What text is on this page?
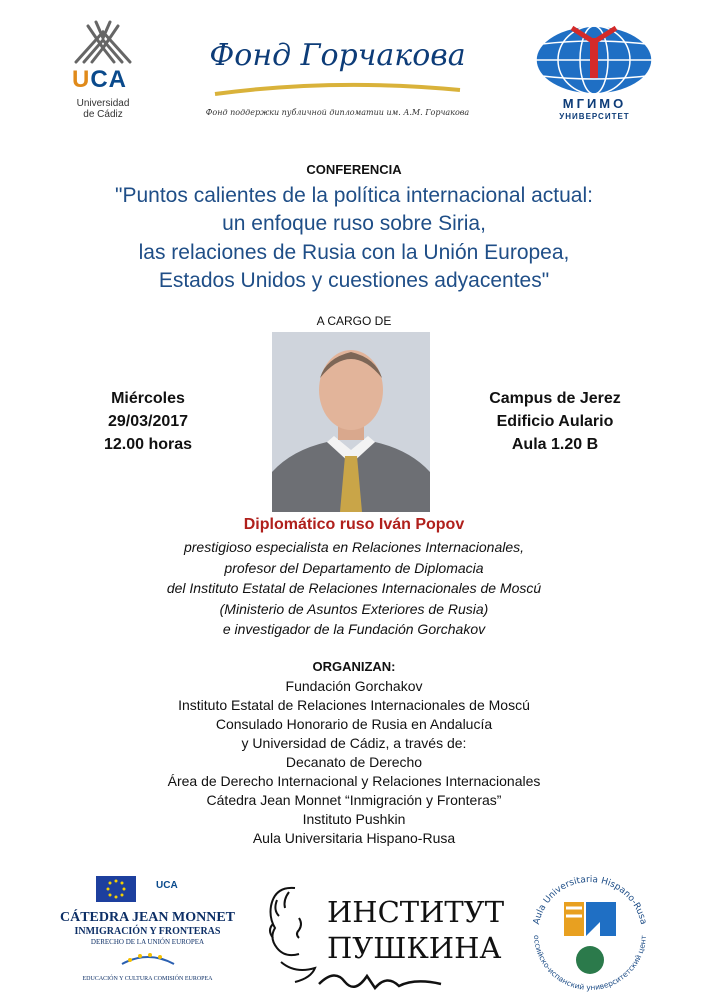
UCA
Universidad
de Cádiz
Фонд Горчакова
Фонд поддержки публичной дипломатии им. А.М. Горчакова
МГИМО
УНИВЕРСИТЕТ
CONFERENCIA
"Puntos calientes de la política internacional actual:
un enfoque ruso sobre Siria,
las relaciones de Rusia con la Unión Europea,
Estados Unidos y cuestiones adyacentes"
A CARGO DE
Miércoles
29/03/2017
12.00 horas
Campus de Jerez
Edificio Aulario
Aula 1.20 B
Diplomático ruso Iván Popov
prestigioso especialista en Relaciones Internacionales,
profesor del Departamento de Diplomacia
del Instituto Estatal de Relaciones Internacionales de Moscú
(Ministerio de Asuntos Exteriores de Rusia)
e investigador de la Fundación Gorchakov
ORGANIZAN:
Fundación Gorchakov
Instituto Estatal de Relaciones Internacionales de Moscú
Consulado Honorario de Rusia en Andalucía
y Universidad de Cádiz, a través de:
Decanato de Derecho
Área de Derecho Internacional y Relaciones Internacionales
Cátedra Jean Monnet “Inmigración y Fronteras”
Instituto Pushkin
Aula Universitaria Hispano-Rusa
UCA
CÁTEDRA JEAN MONNET
INMIGRACIÓN Y FRONTERAS
DERECHO DE LA UNIÓN EUROPEA
EDUCACIÓN Y CULTURA COMISIÓN EUROPEA
ИНСТИТУТ
ПУШКИНА
Aula Universitaria Hispano-Rusa
оссийско-испанский университетский цент
